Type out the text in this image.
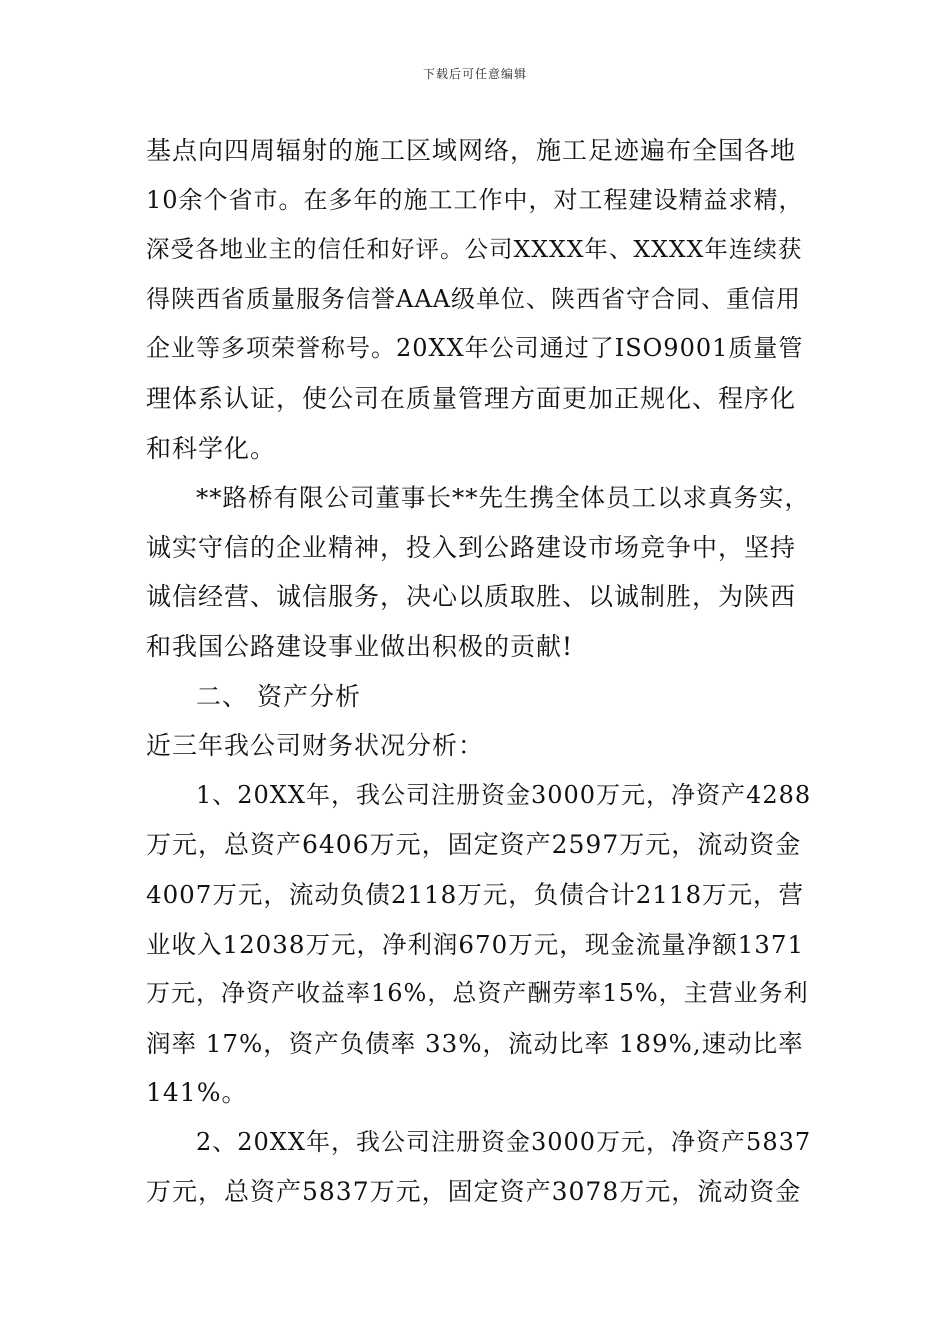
下载后可任意编辑
基点向四周辐射的施工区域网络，施工足迹遍布全国各地
10余个省市。在多年的施工工作中，对工程建设精益求精，
深受各地业主的信任和好评。公司XXXX年、XXXX年连续获
得陕西省质量服务信誉AAA级单位、陕西省守合同、重信用
企业等多项荣誉称号。20XX年公司通过了ISO9001质量管
理体系认证，使公司在质量管理方面更加正规化、程序化
和科学化。
**路桥有限公司董事长**先生携全体员工以求真务实，
诚实守信的企业精神，投入到公路建设市场竞争中，坚持
诚信经营、诚信服务，决心以质取胜、以诚制胜，为陕西
和我国公路建设事业做出积极的贡献!
二、 资产分析
近三年我公司财务状况分析：
1、20XX年，我公司注册资金3000万元，净资产4288
万元，总资产6406万元，固定资产2597万元，流动资金
4007万元，流动负债2118万元，负债合计2118万元，营
业收入12038万元，净利润670万元，现金流量净额1371
万元，净资产收益率16%，总资产酬劳率15%，主营业务利
润率 17%，资产负债率 33%，流动比率 189%,速动比率
141%。
2、20XX年，我公司注册资金3000万元，净资产5837
万元，总资产5837万元，固定资产3078万元，流动资金
